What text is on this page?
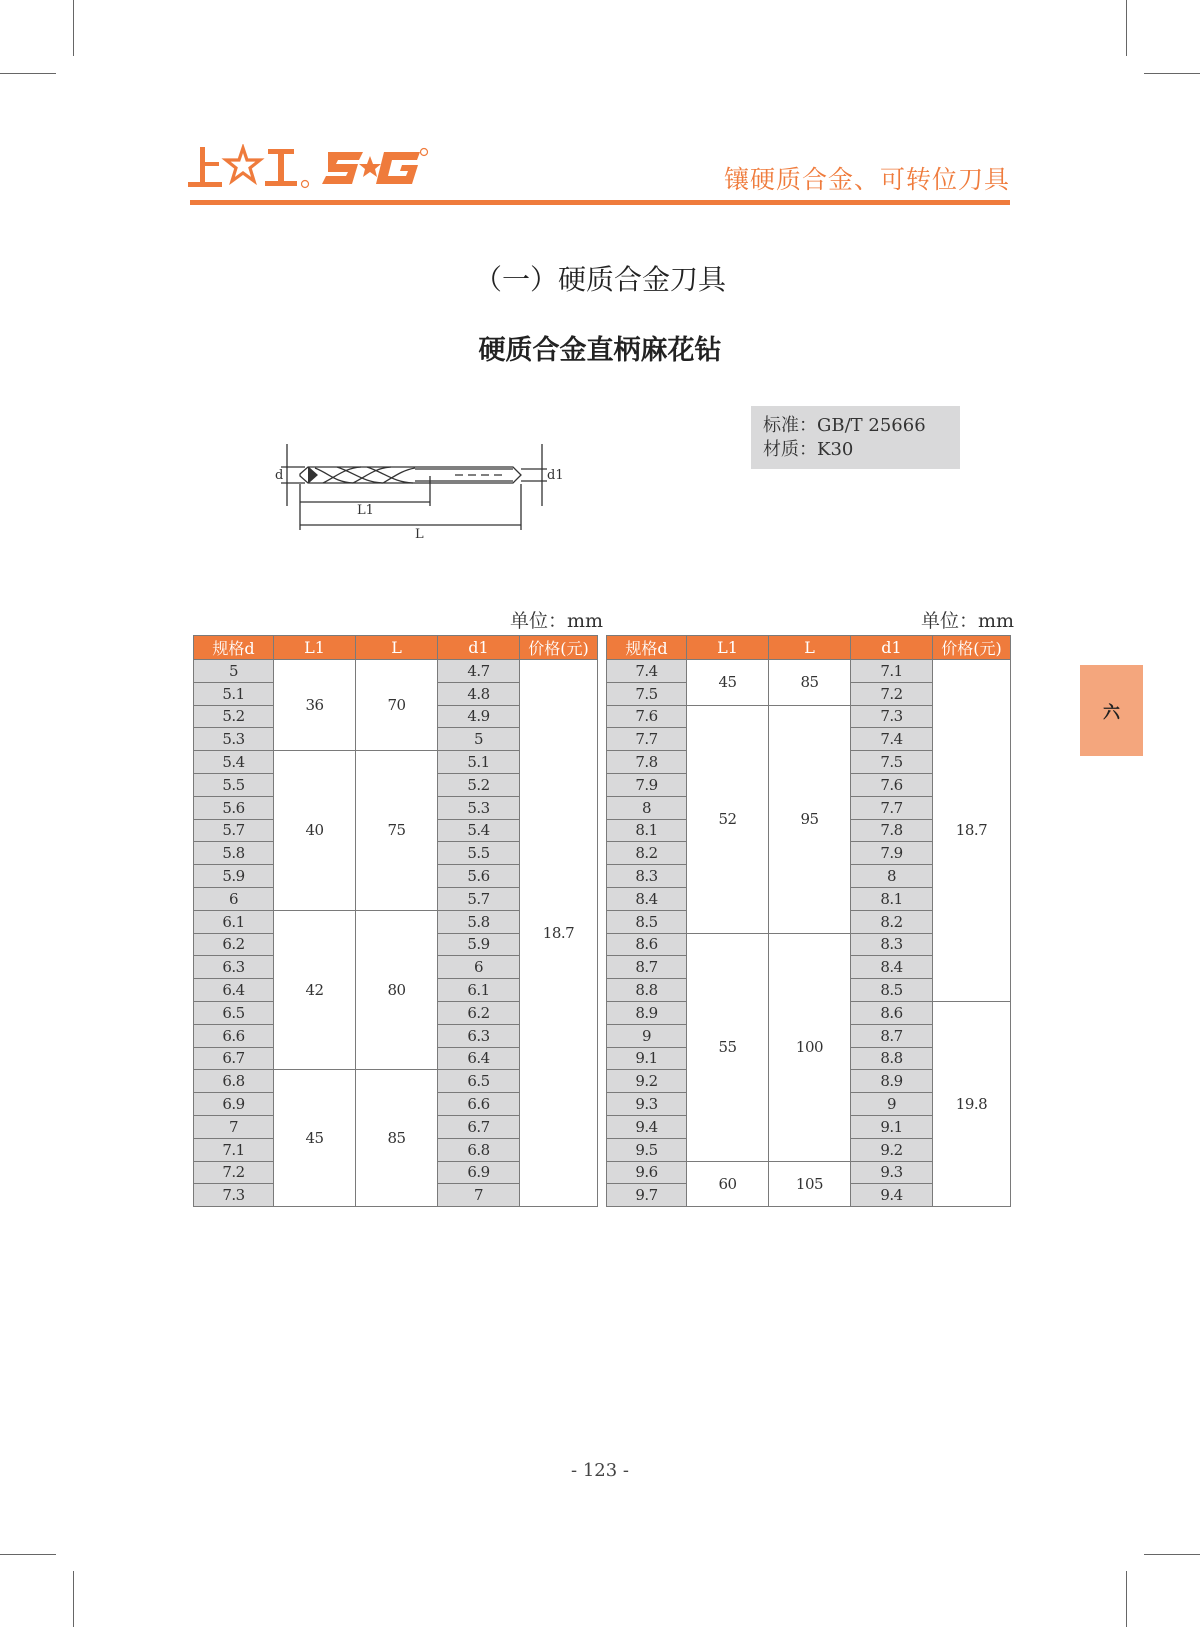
镶硬质合金、可转位刀具
（一）硬质合金刀具
硬质合金直柄麻花钻
标准：GB/T 25666
材质：K30
d	d1
L1
L
单位：mm	单位：mm
规格d	L1	L	d1	价格(元)
5	36	70	4.7	18.7
5.1			4.8	
5.2			4.9	
5.3			5	
5.4	40	75	5.1	
5.5			5.2	
5.6			5.3	
5.7			5.4	
5.8			5.5	
5.9			5.6	
6			5.7	
6.1	42	80	5.8	
6.2			5.9	
6.3			6	
6.4			6.1	
6.5			6.2	
6.6			6.3	
6.7			6.4	
6.8	45	85	6.5	
6.9			6.6	
7			6.7	
7.1			6.8	
7.2			6.9	
7.3			7	
规格d	L1	L	d1	价格(元)
7.4	45	85	7.1	18.7
7.5			7.2	
7.6	52	95	7.3	
7.7			7.4	
7.8			7.5	
7.9			7.6	
8			7.7	
8.1			7.8	
8.2			7.9	
8.3			8	
8.4			8.1	
8.5			8.2	
8.6	55	100	8.3	
8.7			8.4	
8.8			8.5	
8.9			8.6	19.8
9			8.7	
9.1			8.8	
9.2			8.9	
9.3			9	
9.4			9.1	
9.5			9.2	
9.6	60	105	9.3	
9.7			9.4	
六
- 123 -
